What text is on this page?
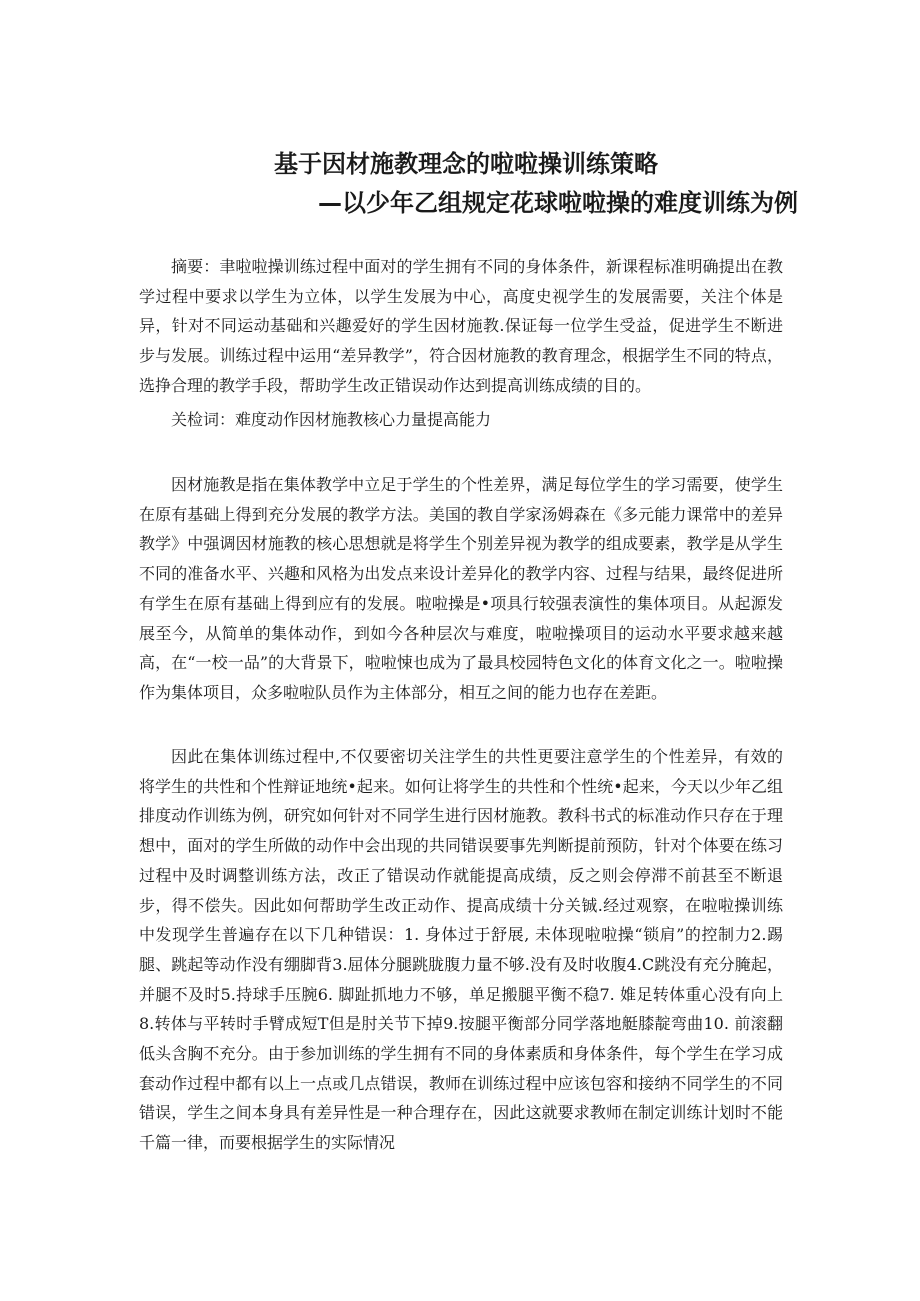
基于因材施教理念的啦啦操训练策略
—以少年乙组规定花球啦啦操的难度训练为例

摘要：聿啦啦操训练过程中面对的学生拥有不同的身体条件，新课程标准明确提出在教学过程中要求以学生为立体，以学生发展为中心，高度史视学生的发展需要，关注个体是异，针对不同运动基础和兴趣爱好的学生因材施教.保证每一位学生受益，促进学生不断进步与发展。训练过程中运用“差异教学”，符合因材施教的教育理念，根据学生不同的特点，选挣合理的教学手段，帮助学生改正错误动作达到提高训练成绩的目的。

关检词：难度动作因材施教核心力量提高能力

因材施教是指在集体教学中立足于学生的个性差界，满足每位学生的学习需要，使学生在原有基础上得到充分发展的教学方法。美国的教自学家汤姆森在《多元能力课常中的差异教学》中强调因材施教的核心思想就是将学生个别差异视为教学的组成要素，教学是从学生不同的准备水平、兴趣和风格为出发点来设计差异化的教学内容、过程与结果，最终促进所有学生在原有基础上得到应有的发展。啦啦操是•项具行较强表演性的集体项目。从起源发展至今，从简单的集体动作，到如今各种层次与难度，啦啦操项目的运动水平要求越来越高，在“一校一品”的大背景下，啦啦悚也成为了最具校园特色文化的体育文化之一。啦啦操作为集体项目，众多啦啦队员作为主体部分，相互之间的能力也存在差距。

因此在集体训练过程中,不仅要密切关注学生的共性更要注意学生的个性差异，有效的将学生的共性和个性辩证地统•起来。如何让将学生的共性和个性统•起来，今天以少年乙组排度动作训练为例，研究如何针对不同学生进行因材施教。教科书式的标准动作只存在于理想中，面对的学生所做的动作中会出现的共同错误要事先判断提前预防，针对个体要在练习过程中及时调整训练方法，改正了错误动作就能提高成绩，反之则会停滞不前甚至不断退步，得不偿失。因此如何帮助学生改正动作、提高成绩十分关铖.经过观察，在啦啦操训练中发现学生普遍存在以下几种错误：1. 身体过于舒展, 未体现啦啦操“锁肩”的控制力2.踢腿、跳起等动作没有绷脚背3.屈体分腿跳胧腹力量不够.没有及时收腹4.C跳没有充分腌起，并腿不及时5.持球手压腕6. 脚趾抓地力不够，单足搬腿平衡不稳7. 婎足转体重心没有向上8.转体与平转时手臂成短T但是肘关节下掉9.按腿平衡部分同学落地艇膝靛弯曲10. 前滚翻低头含胸不充分。由于参加训练的学生拥有不同的身体素质和身体条件，每个学生在学习成套动作过程中都有以上一点或几点错误，教师在训练过程中应该包容和接纳不同学生的不同错误，学生之间本身具有差异性是一种合理存在，因此这就要求教师在制定训练计划时不能千篇一律，而要根据学生的实际情况
